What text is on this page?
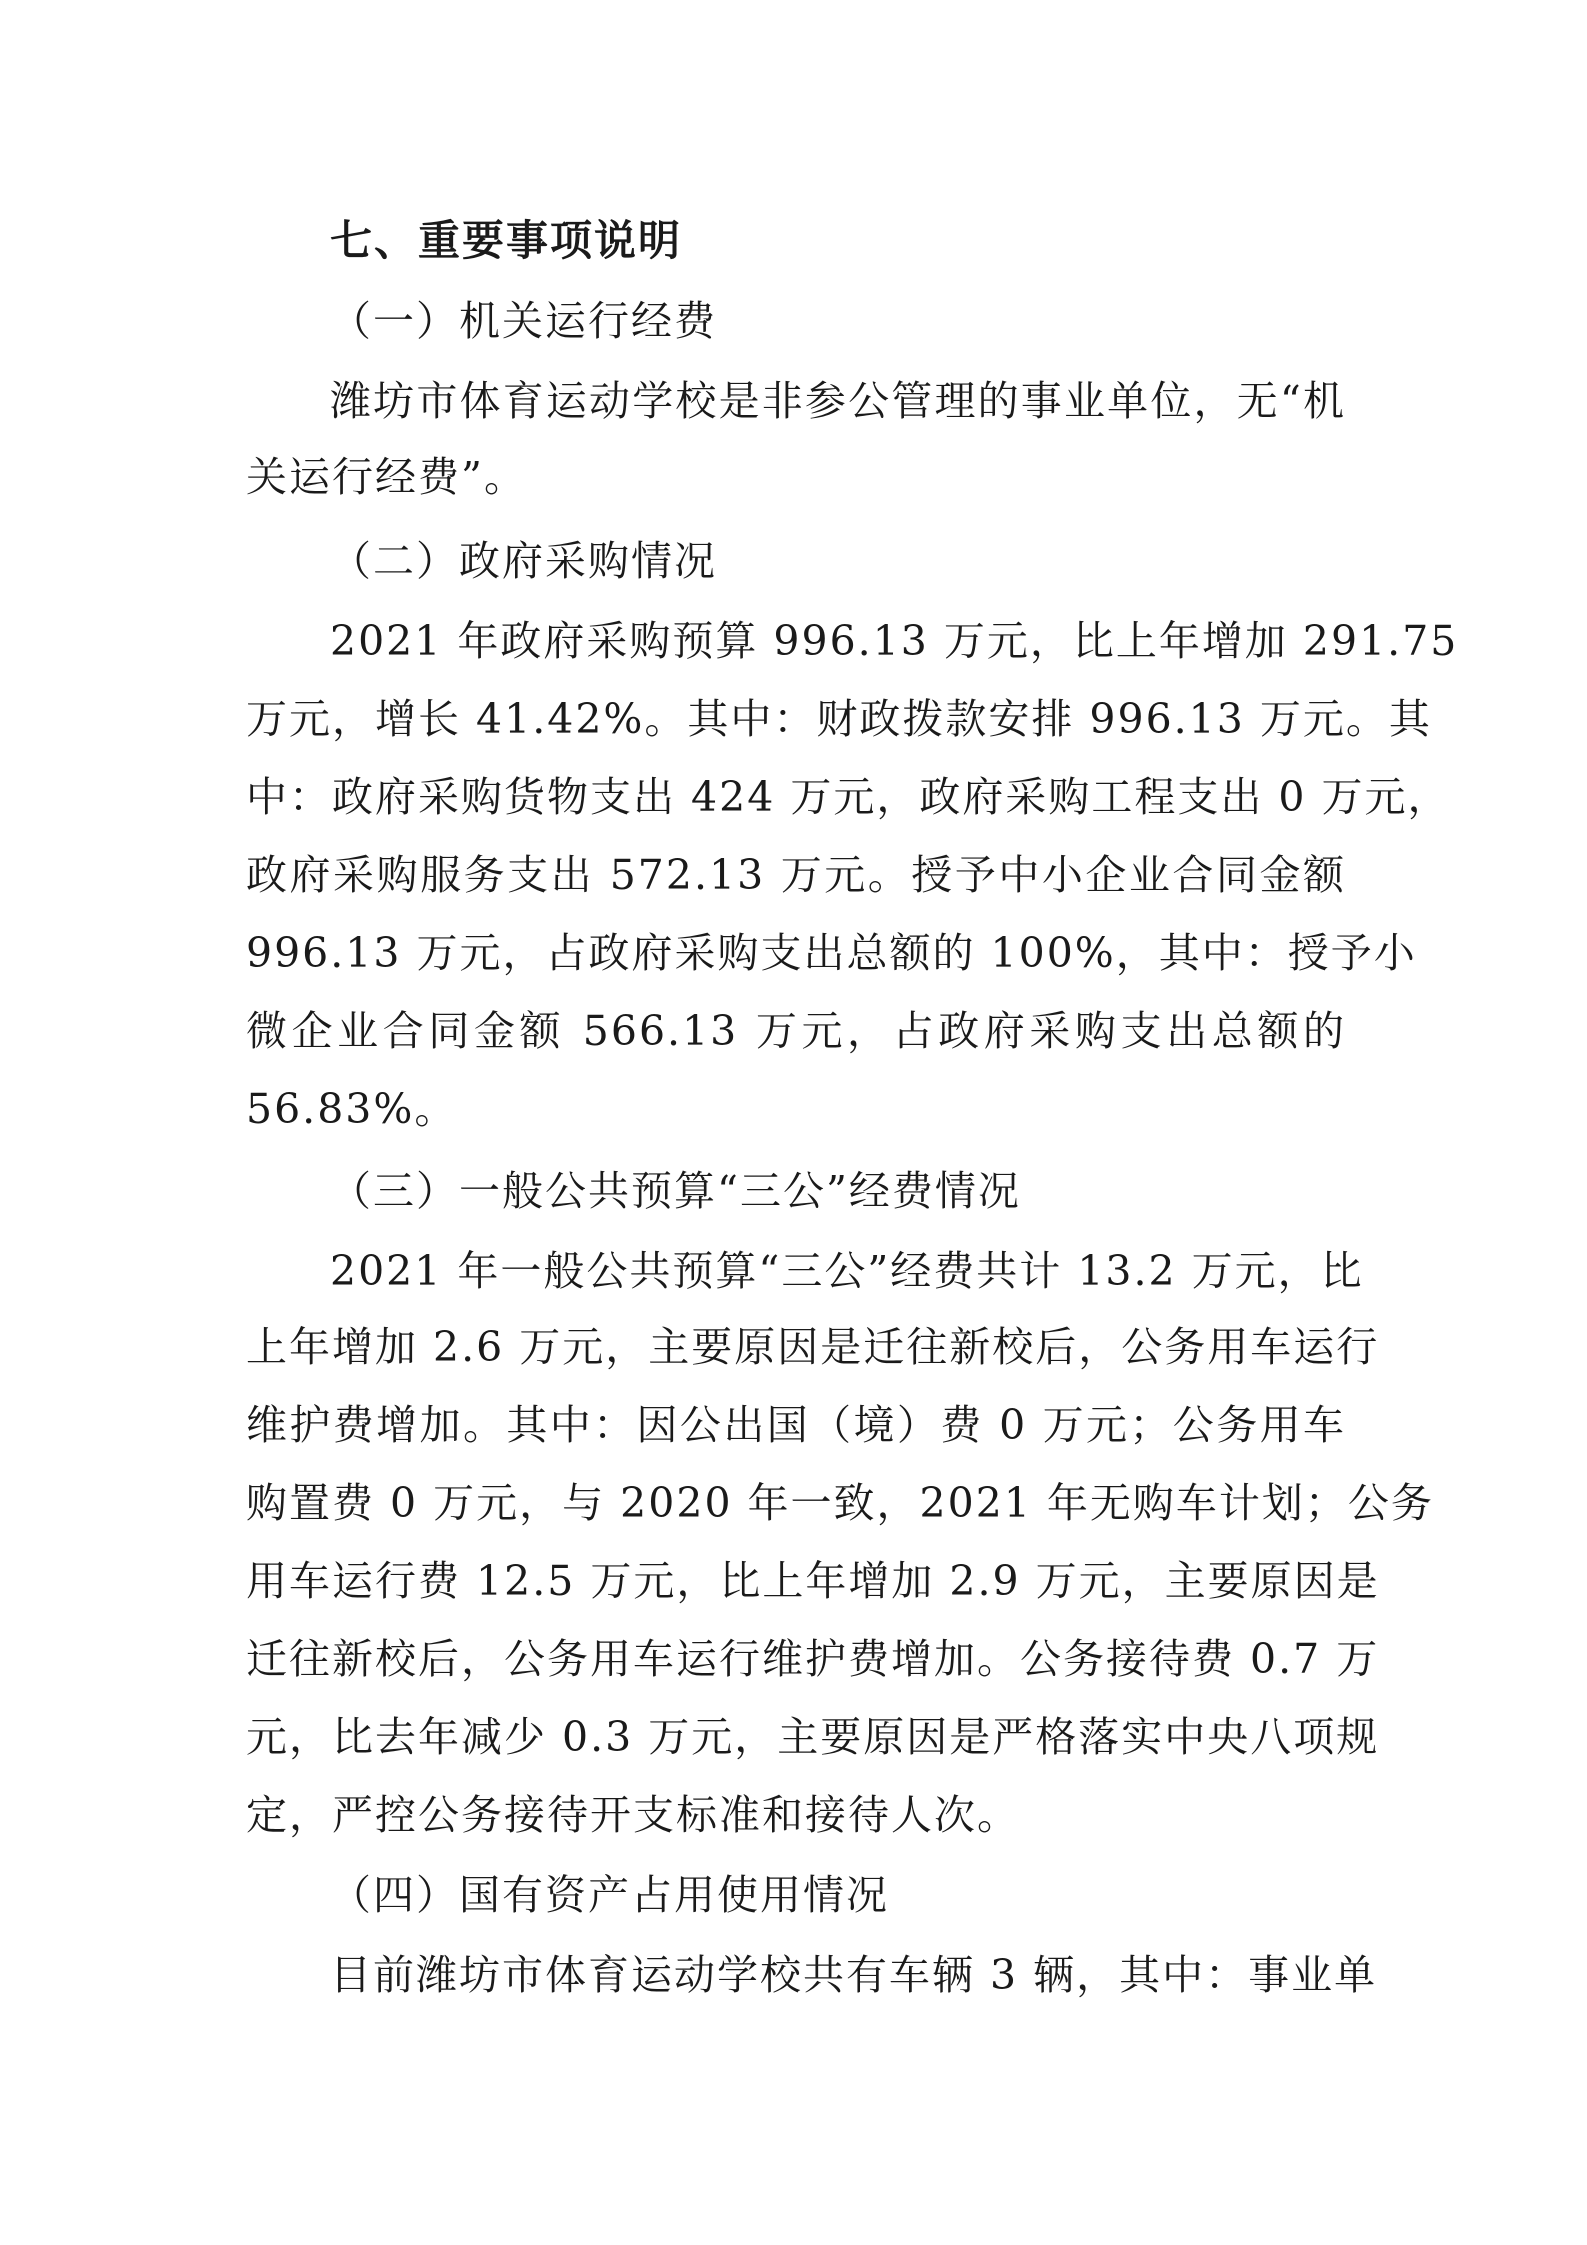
七、重要事项说明
（一）机关运行经费
潍坊市体育运动学校是非参公管理的事业单位，无“机
关运行经费”。
（二）政府采购情况
2021 年政府采购预算 996.13 万元，比上年增加 291.75
万元，增长 41.42%。其中：财政拨款安排 996.13 万元。其
中：政府采购货物支出 424 万元，政府采购工程支出 0 万元，
政府采购服务支出 572.13 万元。授予中小企业合同金额
996.13 万元，占政府采购支出总额的 100%，其中：授予小
微企业合同金额 566.13 万元，占政府采购支出总额的
56.83%。
（三）一般公共预算“三公”经费情况
2021 年一般公共预算“三公”经费共计 13.2 万元，比
上年增加 2.6 万元，主要原因是迁往新校后，公务用车运行
维护费增加。其中：因公出国（境）费 0 万元；公务用车
购置费 0 万元，与 2020 年一致，2021 年无购车计划；公务
用车运行费 12.5 万元，比上年增加 2.9 万元，主要原因是
迁往新校后，公务用车运行维护费增加。公务接待费 0.7 万
元，比去年减少 0.3 万元，主要原因是严格落实中央八项规
定，严控公务接待开支标准和接待人次。
（四）国有资产占用使用情况
目前潍坊市体育运动学校共有车辆 3 辆，其中：事业单
